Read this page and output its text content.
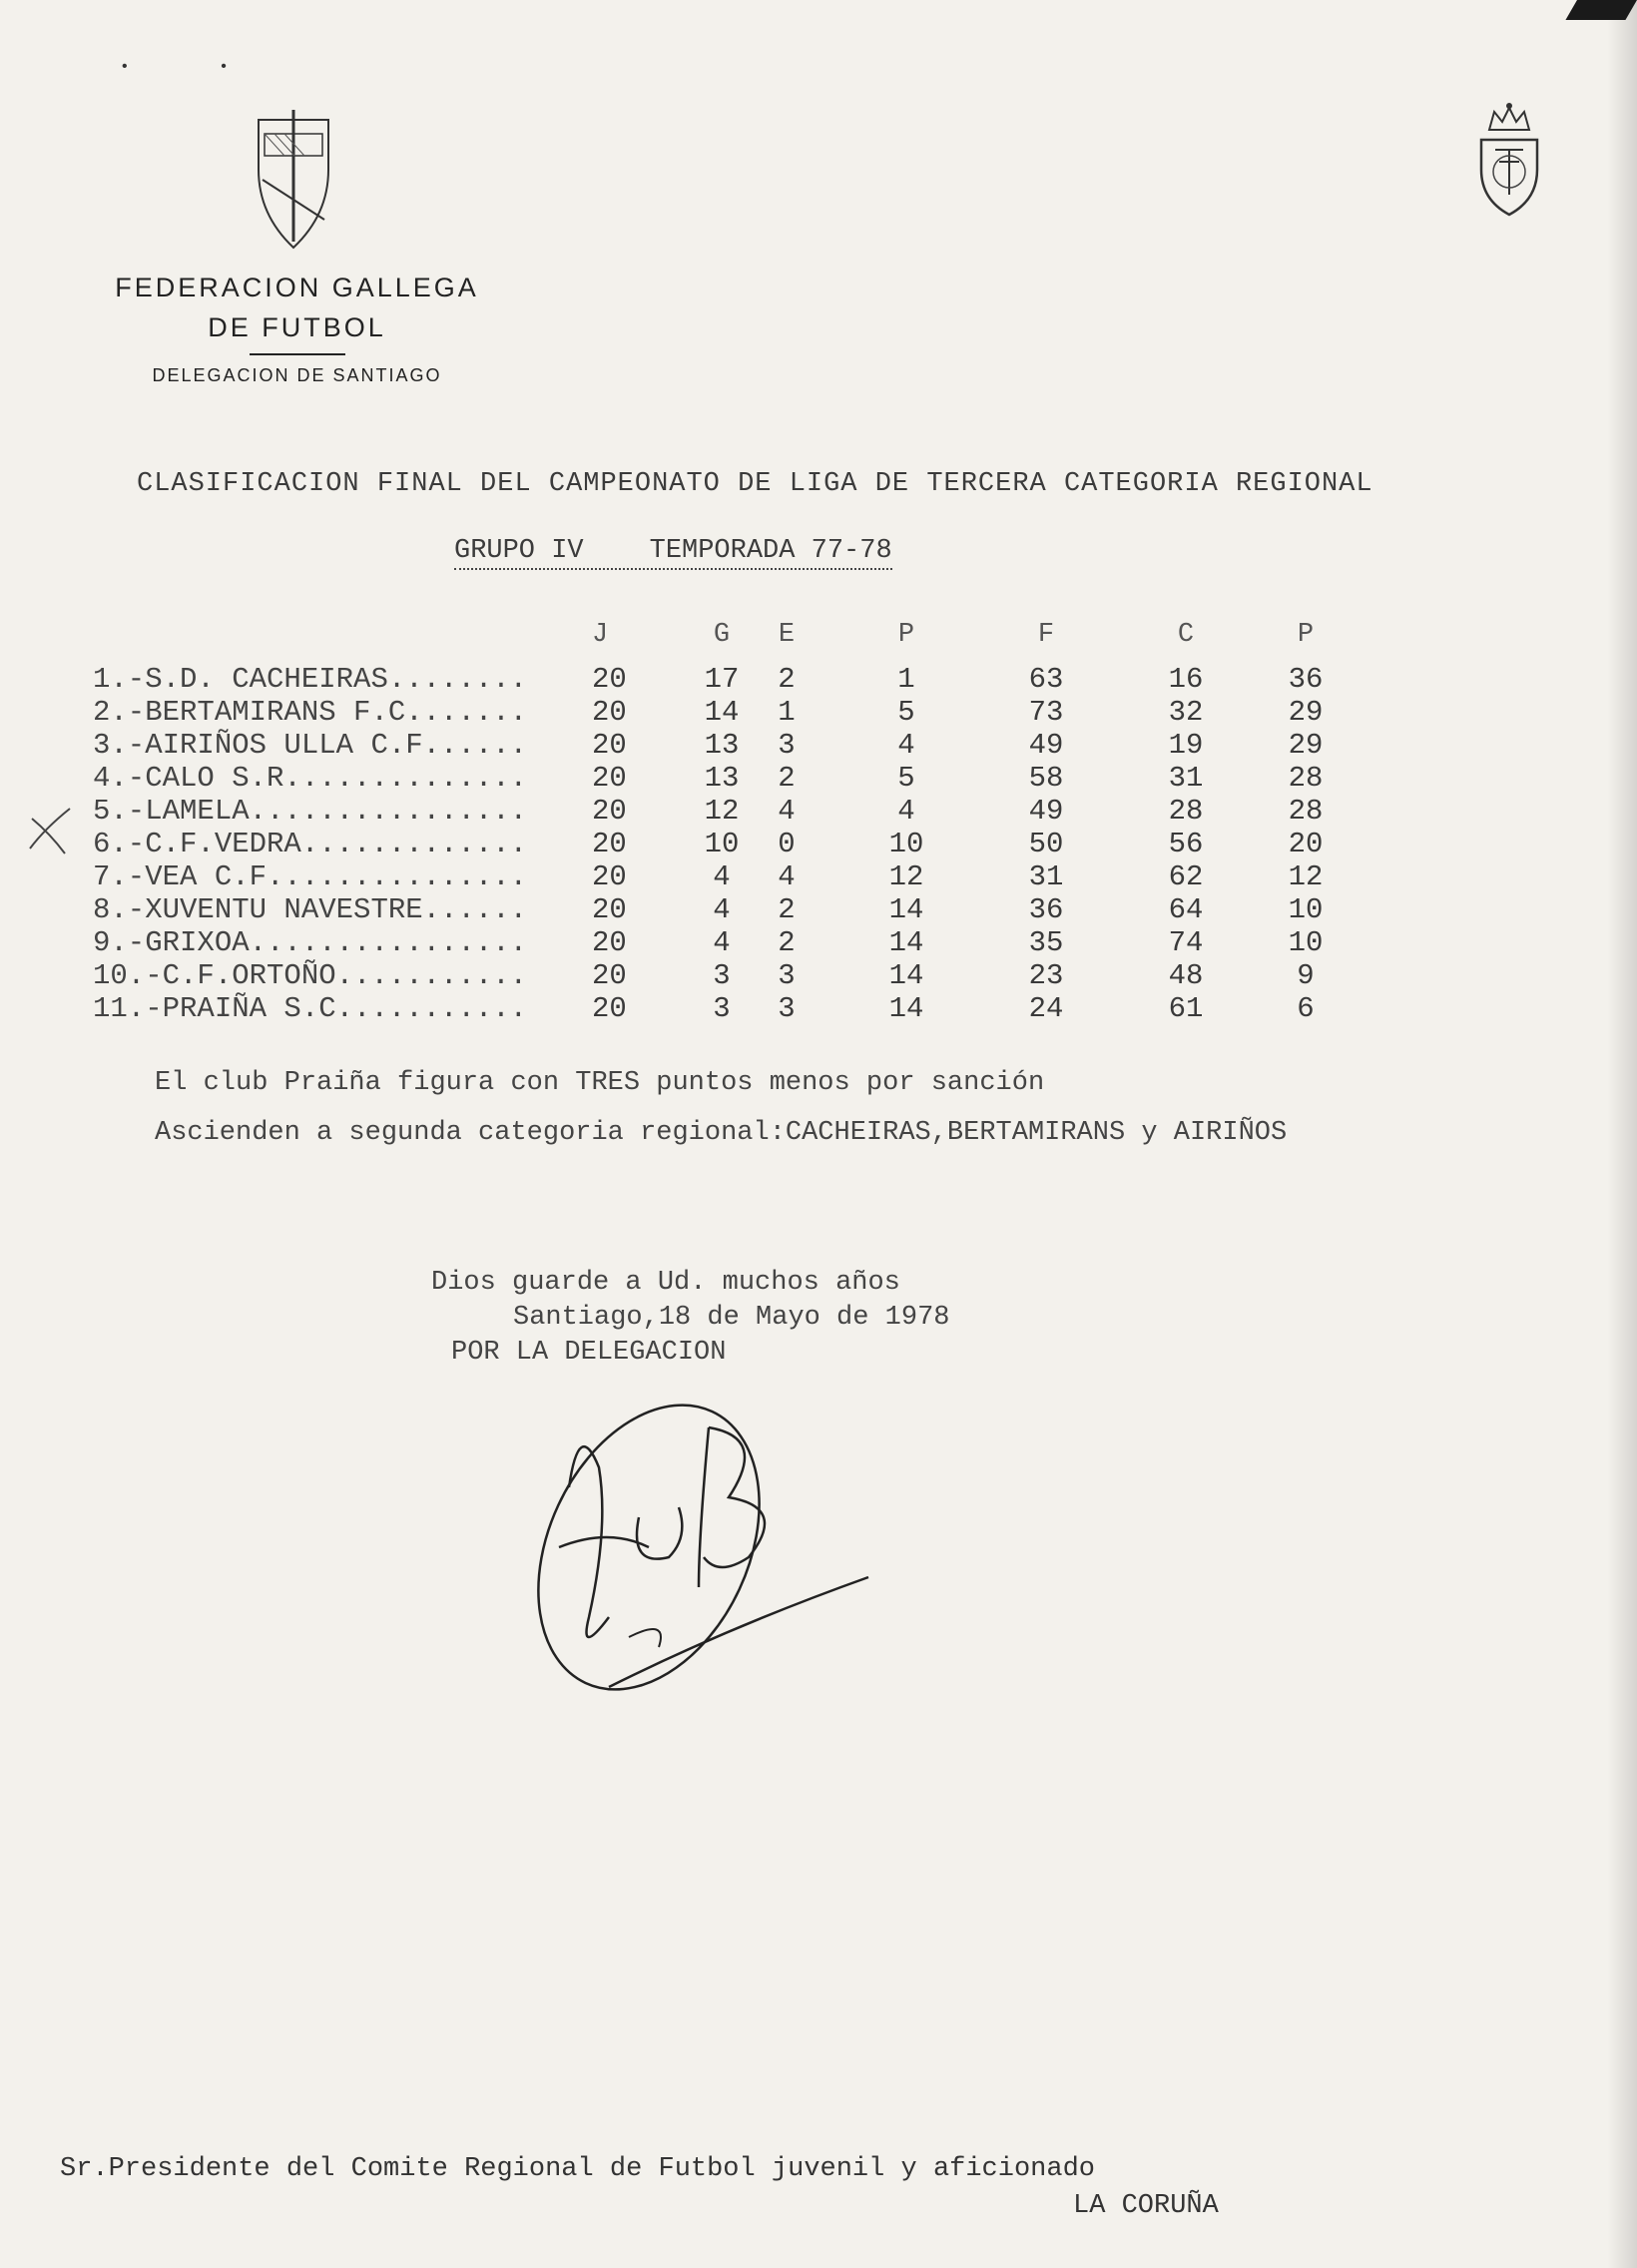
• •
FEDERACION GALLEGA
DE FUTBOL
DELEGACION DE SANTIAGO
CLASIFICACION FINAL DEL CAMPEONATO DE LIGA DE TERCERA CATEGORIA REGIONAL
GRUPO IV TEMPORADA 77-78
J	G	E	P	F	C	P
1.-S.D. CACHEIRAS........	20	17	2	1	63	16	36
2.-BERTAMIRANS F.C.......	20	14	1	5	73	32	29
3.-AIRIÑOS ULLA C.F......	20	13	3	4	49	19	29
4.-CALO S.R..............	20	13	2	5	58	31	28
5.-LAMELA................	20	12	4	4	49	28	28
6.-C.F.VEDRA.............	20	10	0	10	50	56	20
7.-VEA C.F...............	20	4	4	12	31	62	12
8.-XUVENTU NAVESTRE......	20	4	2	14	36	64	10
9.-GRIXOA................	20	4	2	14	35	74	10
10.-C.F.ORTOÑO...........	20	3	3	14	23	48	9
11.-PRAIÑA S.C...........	20	3	3	14	24	61	6
El club Praiña figura con TRES puntos menos por sanción
Ascienden a segunda categoria regional:CACHEIRAS,BERTAMIRANS y AIRIÑOS
Dios guarde a Ud. muchos años
Santiago,18 de Mayo de 1978
POR LA DELEGACION
Sr.Presidente del Comite Regional de Futbol juvenil y aficionado
LA CORUÑA
